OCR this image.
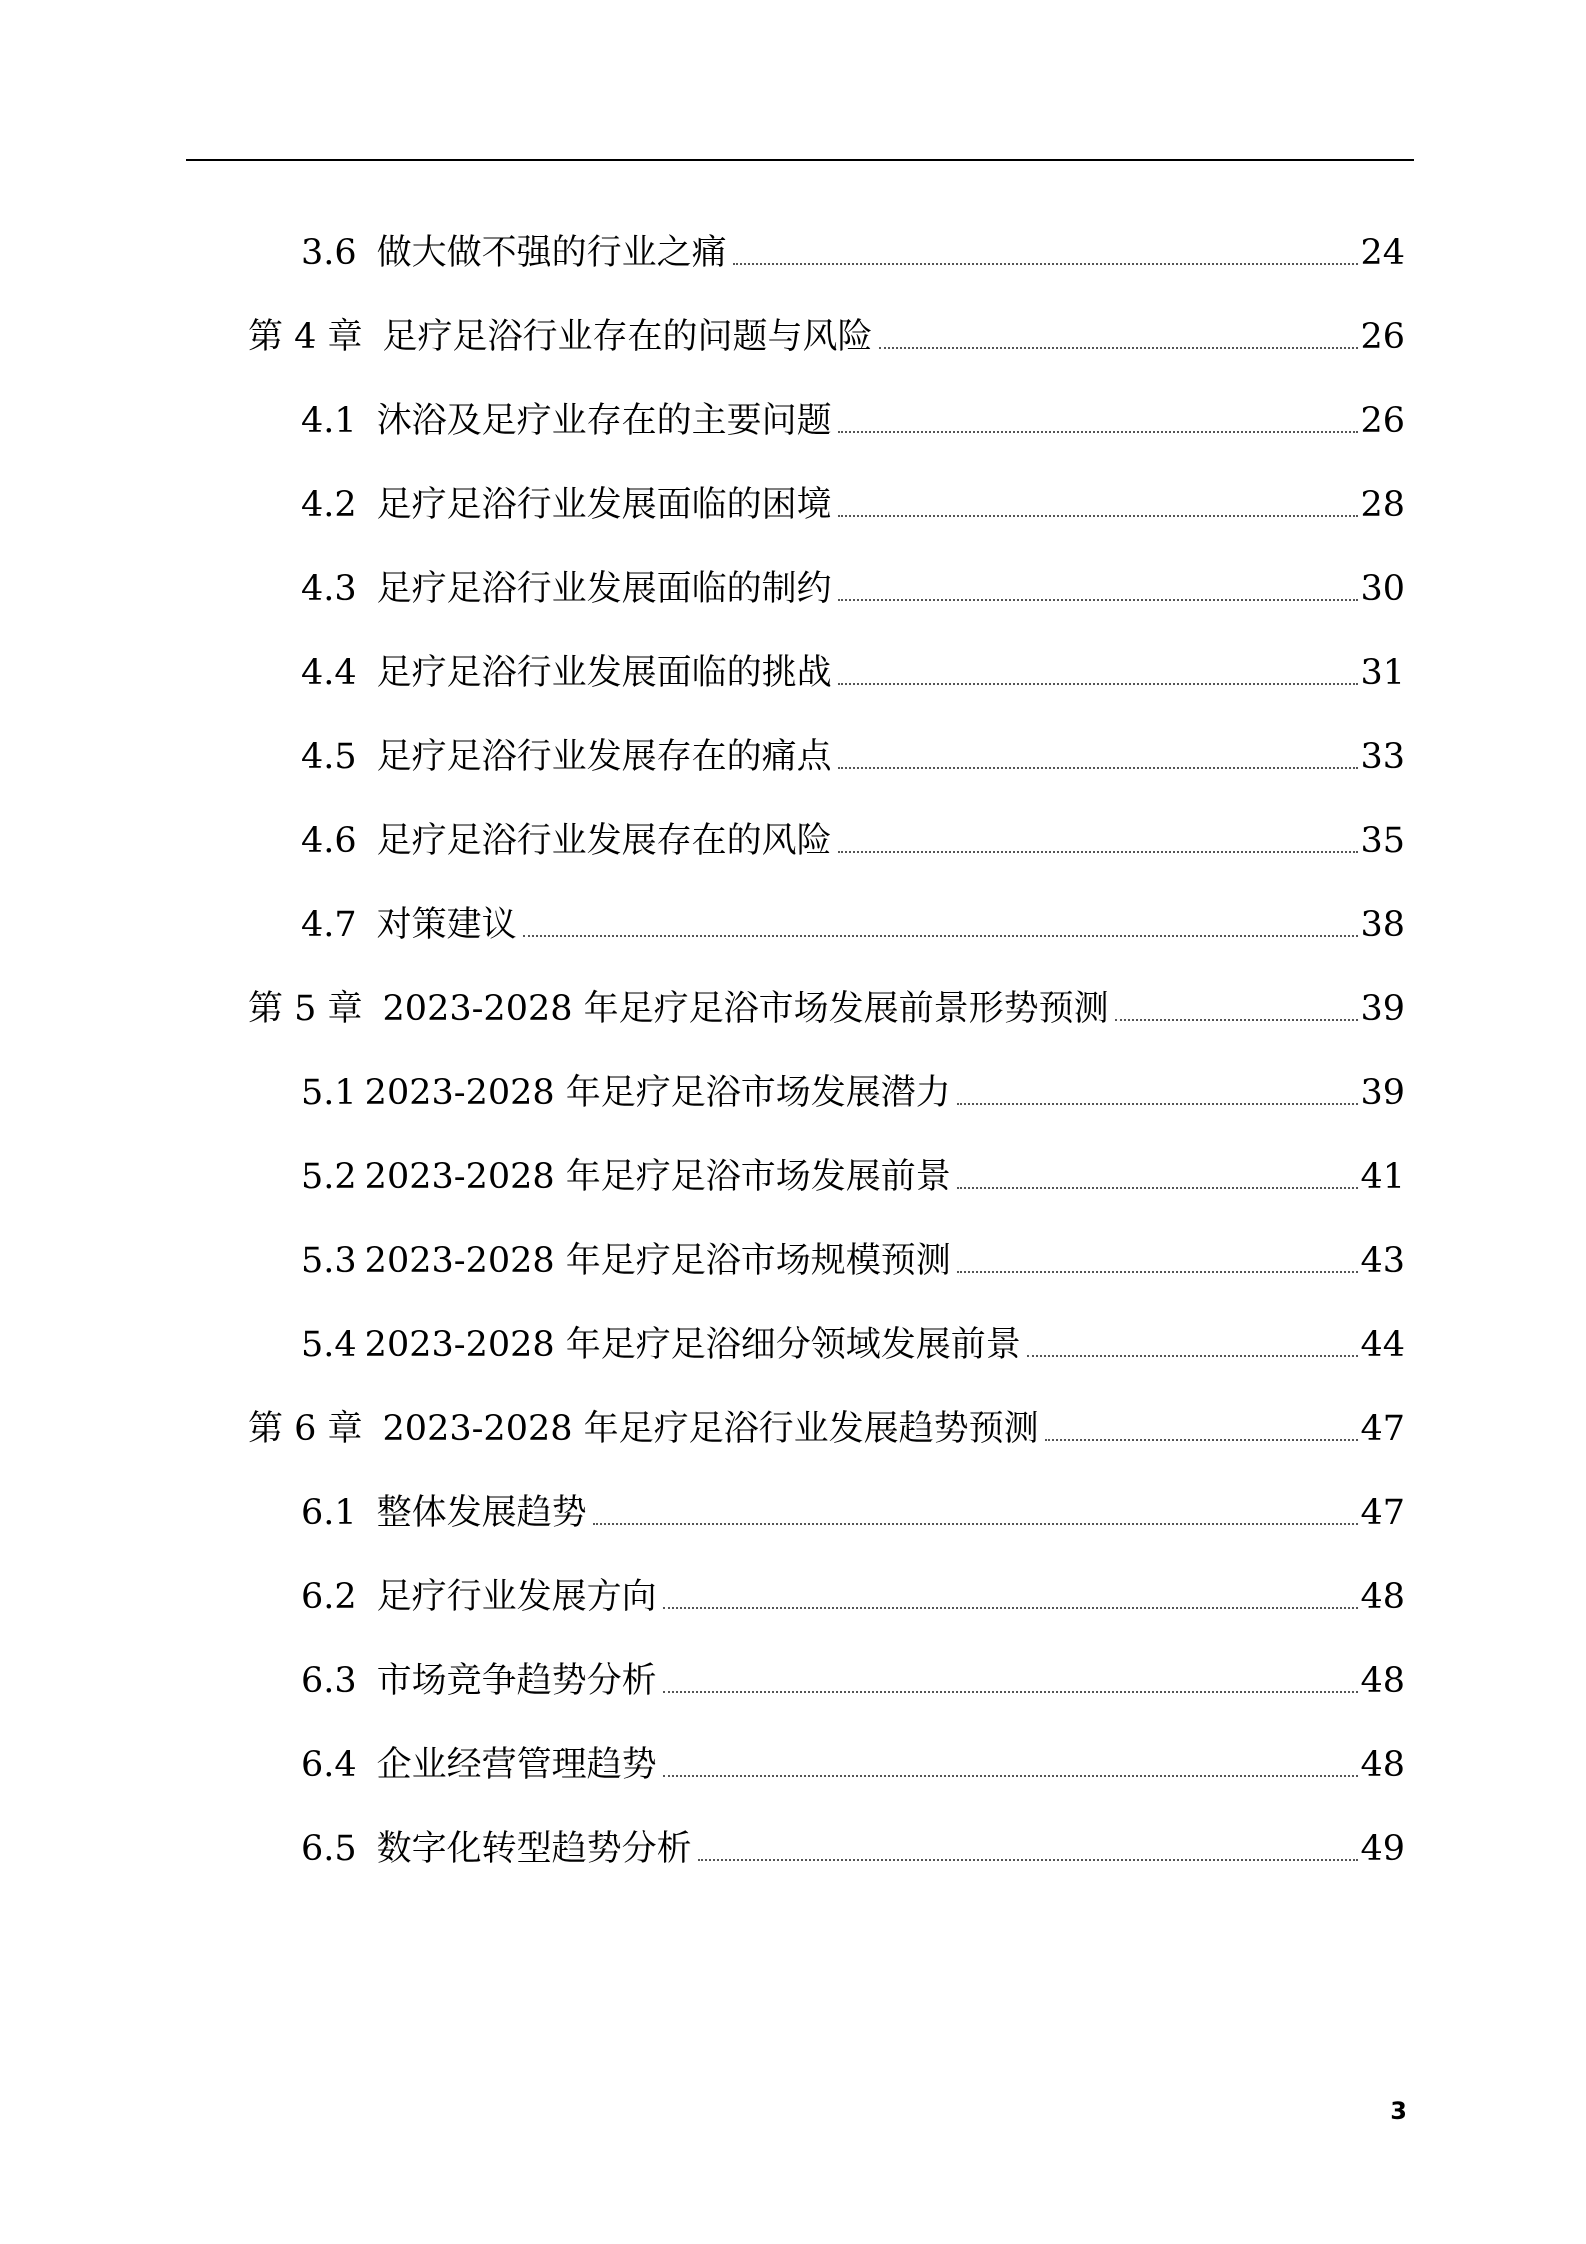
3.6 做大做不强的行业之痛	24
第 4 章 足疗足浴行业存在的问题与风险	26
4.1 沐浴及足疗业存在的主要问题	26
4.2 足疗足浴行业发展面临的困境	28
4.3 足疗足浴行业发展面临的制约	30
4.4 足疗足浴行业发展面临的挑战	31
4.5 足疗足浴行业发展存在的痛点	33
4.6 足疗足浴行业发展存在的风险	35
4.7 对策建议	38
第 5 章 2023-2028 年足疗足浴市场发展前景形势预测	39
5.1 2023-2028 年足疗足浴市场发展潜力	39
5.2 2023-2028 年足疗足浴市场发展前景	41
5.3 2023-2028 年足疗足浴市场规模预测	43
5.4 2023-2028 年足疗足浴细分领域发展前景	44
第 6 章 2023-2028 年足疗足浴行业发展趋势预测	47
6.1 整体发展趋势	47
6.2 足疗行业发展方向	48
6.3 市场竞争趋势分析	48
6.4 企业经营管理趋势	48
6.5 数字化转型趋势分析	49
3
